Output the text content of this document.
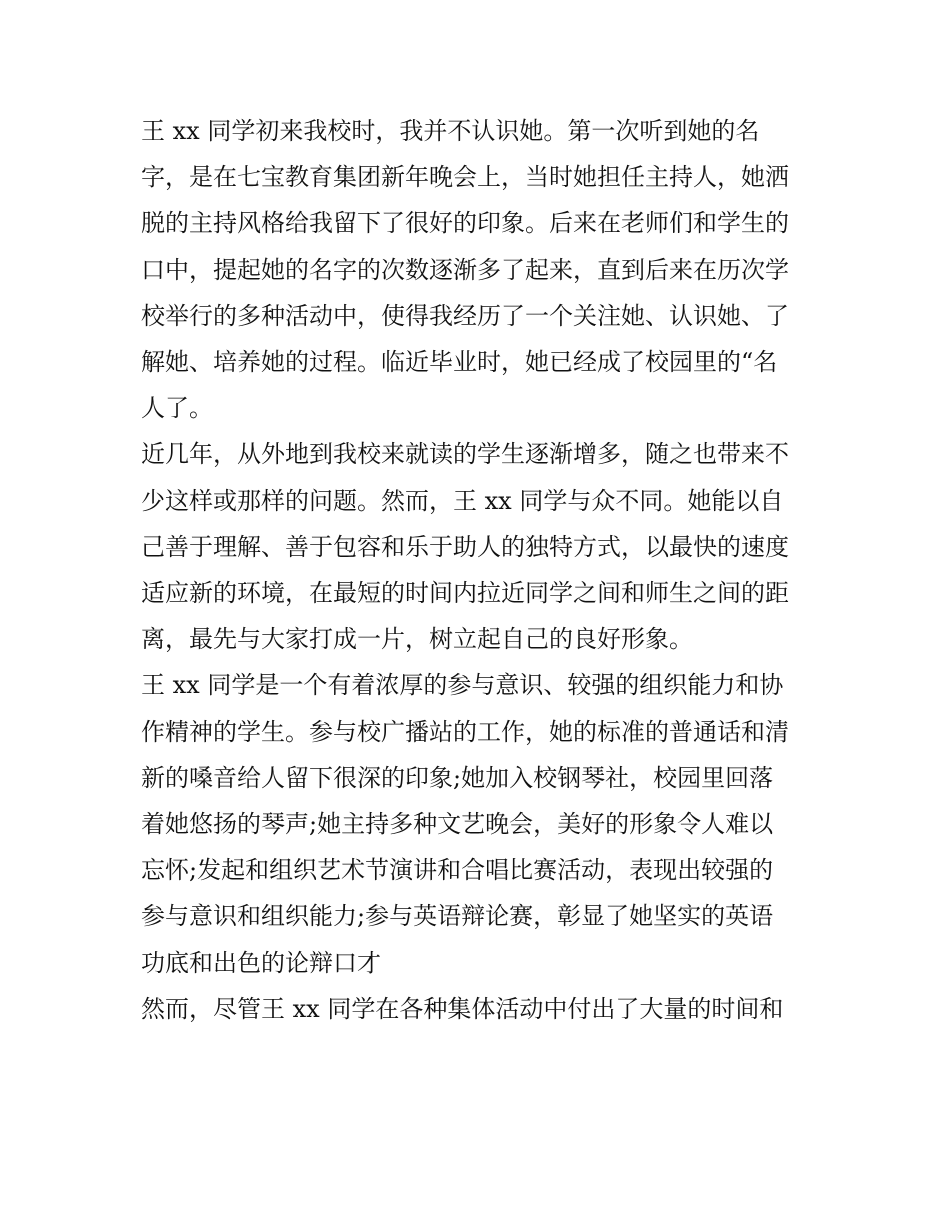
王 xx 同学初来我校时，我并不认识她。第一次听到她的名
字，是在七宝教育集团新年晚会上，当时她担任主持人，她洒
脱的主持风格给我留下了很好的印象。后来在老师们和学生的
口中，提起她的名字的次数逐渐多了起来，直到后来在历次学
校举行的多种活动中，使得我经历了一个关注她、认识她、了
解她、培养她的过程。临近毕业时，她已经成了校园里的“名
人了。

近几年，从外地到我校来就读的学生逐渐增多，随之也带来不
少这样或那样的问题。然而，王 xx 同学与众不同。她能以自
己善于理解、善于包容和乐于助人的独特方式，以最快的速度
适应新的环境，在最短的时间内拉近同学之间和师生之间的距
离，最先与大家打成一片，树立起自己的良好形象。

王 xx 同学是一个有着浓厚的参与意识、较强的组织能力和协
作精神的学生。参与校广播站的工作，她的标准的普通话和清
新的嗓音给人留下很深的印象;她加入校钢琴社，校园里回落
着她悠扬的琴声;她主持多种文艺晚会，美好的形象令人难以
忘怀;发起和组织艺术节演讲和合唱比赛活动，表现出较强的
参与意识和组织能力;参与英语辩论赛，彰显了她坚实的英语
功底和出色的论辩口才

然而，尽管王 xx 同学在各种集体活动中付出了大量的时间和
